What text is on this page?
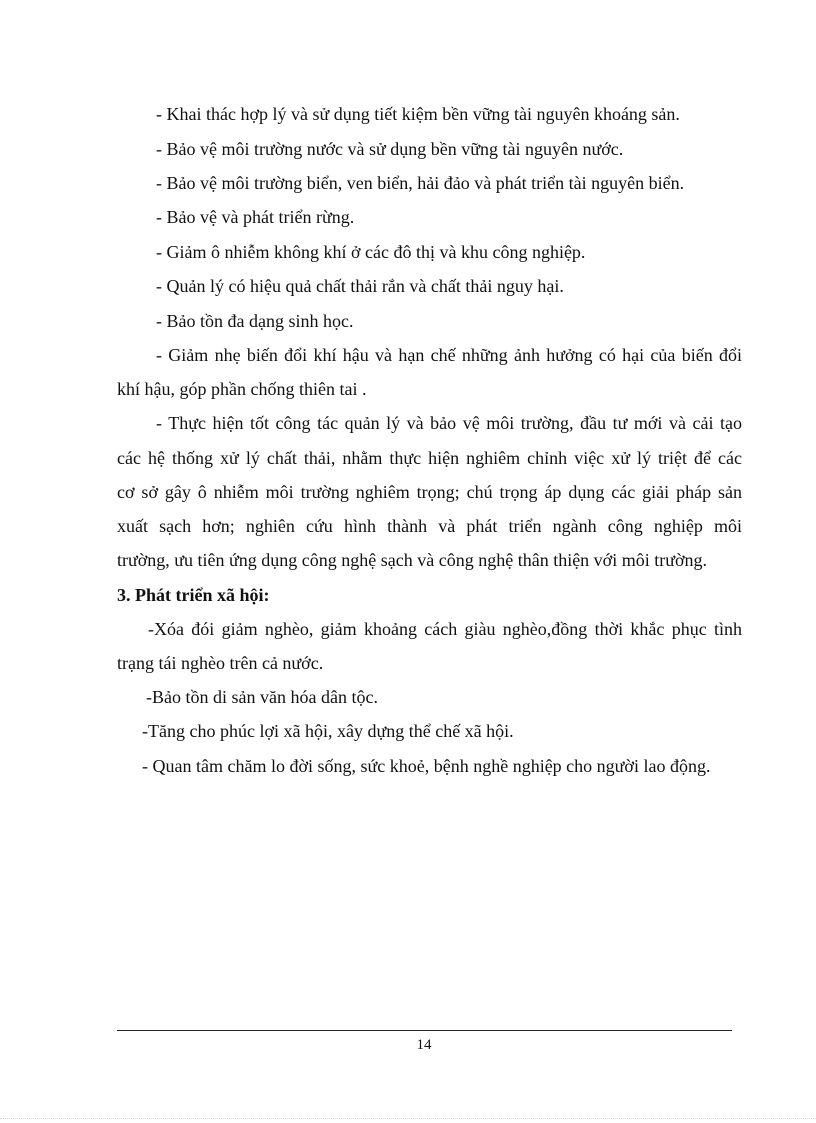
- Khai thác hợp lý và sử dụng tiết kiệm bền vững tài nguyên khoáng sản.
- Bảo vệ môi trường nước và sử dụng bền vững tài nguyên nước.
- Bảo vệ môi trường biển, ven biển, hải đảo và phát triển tài nguyên biển.
- Bảo vệ và phát triển rừng.
- Giảm ô nhiễm không khí ở các đô thị và khu công nghiệp.
- Quản lý có hiệu quả chất thải rắn và chất thải nguy hại.
- Bảo tồn đa dạng sinh học.
- Giảm nhẹ biến đổi khí hậu và hạn chế những ảnh hưởng có hại của biến đổi
khí hậu, góp phần chống thiên tai .
- Thực hiện tốt công tác quản lý và bảo vệ môi trường, đầu tư mới và cải tạo
các hệ thống xử lý chất thải, nhằm thực hiện nghiêm chỉnh việc xử lý triệt để các
cơ sở gây ô nhiễm môi trường nghiêm trọng; chú trọng áp dụng các giải pháp sản
xuất sạch hơn; nghiên cứu hình thành và phát triển ngành công nghiệp môi
trường, ưu tiên ứng dụng công nghệ sạch và công nghệ thân thiện với môi trường.
3. Phát triển xã hội:
-Xóa đói giảm nghèo, giảm khoảng cách giàu nghèo,đồng thời khắc phục tình
trạng tái nghèo trên cả nước.
-Bảo tồn di sản văn hóa dân tộc.
-Tăng cho phúc lợi xã hội, xây dựng thể chế xã hội.
- Quan tâm chăm lo đời sống, sức khoẻ, bệnh nghề nghiệp cho người lao động.
14
